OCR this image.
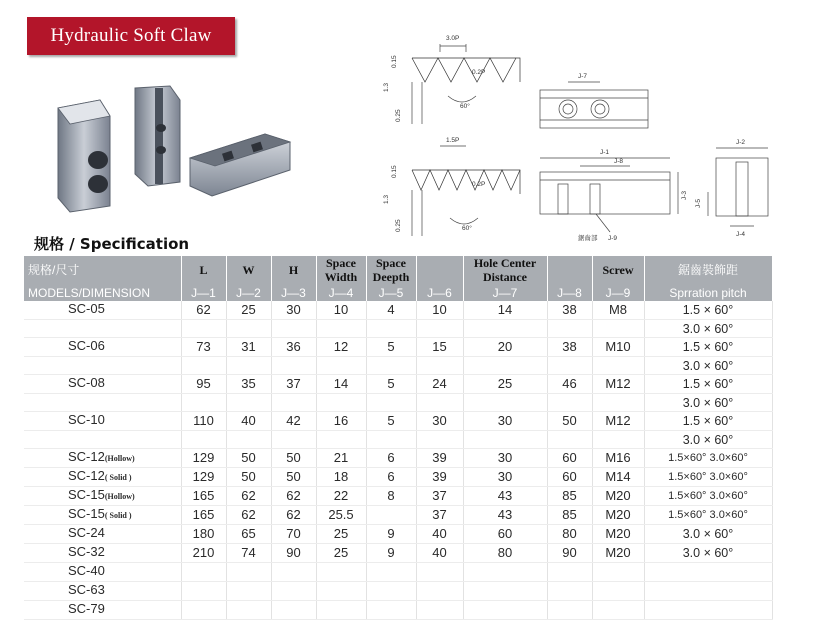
Hydraulic Soft Claw	3.0P
0.2P
60°
0.15
1.3
0.25
1.5P
0.2P
60°
0.15
1.3
0.25
J-7
J-1
J-8
J-3
鋸齒部 J-9
J-2
J-5
J-4
规格 / Specification
规格/尺寸	L	W	H	Space Width	Space Deepth		Hole Center Distance		Screw	鋸齒裝飾距
MODELS/DIMENSION	J—1	J—2	J—3	J—4	J—5	J—6	J—7	J—8	J—9	Sprration pitch
SC-05	62	25	30	10	4	10	14	38	M8	1.5 × 60°
										3.0 × 60°
SC-06	73	31	36	12	5	15	20	38	M10	1.5 × 60°
										3.0 × 60°
SC-08	95	35	37	14	5	24	25	46	M12	1.5 × 60°
										3.0 × 60°
SC-10	110	40	42	16	5	30	30	50	M12	1.5 × 60°
										3.0 × 60°
SC-12(Hollow)	129	50	50	21	6	39	30	60	M16	1.5×60° 3.0×60°
SC-12( Solid )	129	50	50	18	6	39	30	60	M14	1.5×60° 3.0×60°
SC-15(Hollow)	165	62	62	22	8	37	43	85	M20	1.5×60° 3.0×60°
SC-15( Solid )	165	62	62	25.5		37	43	85	M20	1.5×60° 3.0×60°
SC-24	180	65	70	25	9	40	60	80	M20	3.0 × 60°
SC-32	210	74	90	25	9	40	80	90	M20	3.0 × 60°
SC-40										
SC-63										
SC-79										
